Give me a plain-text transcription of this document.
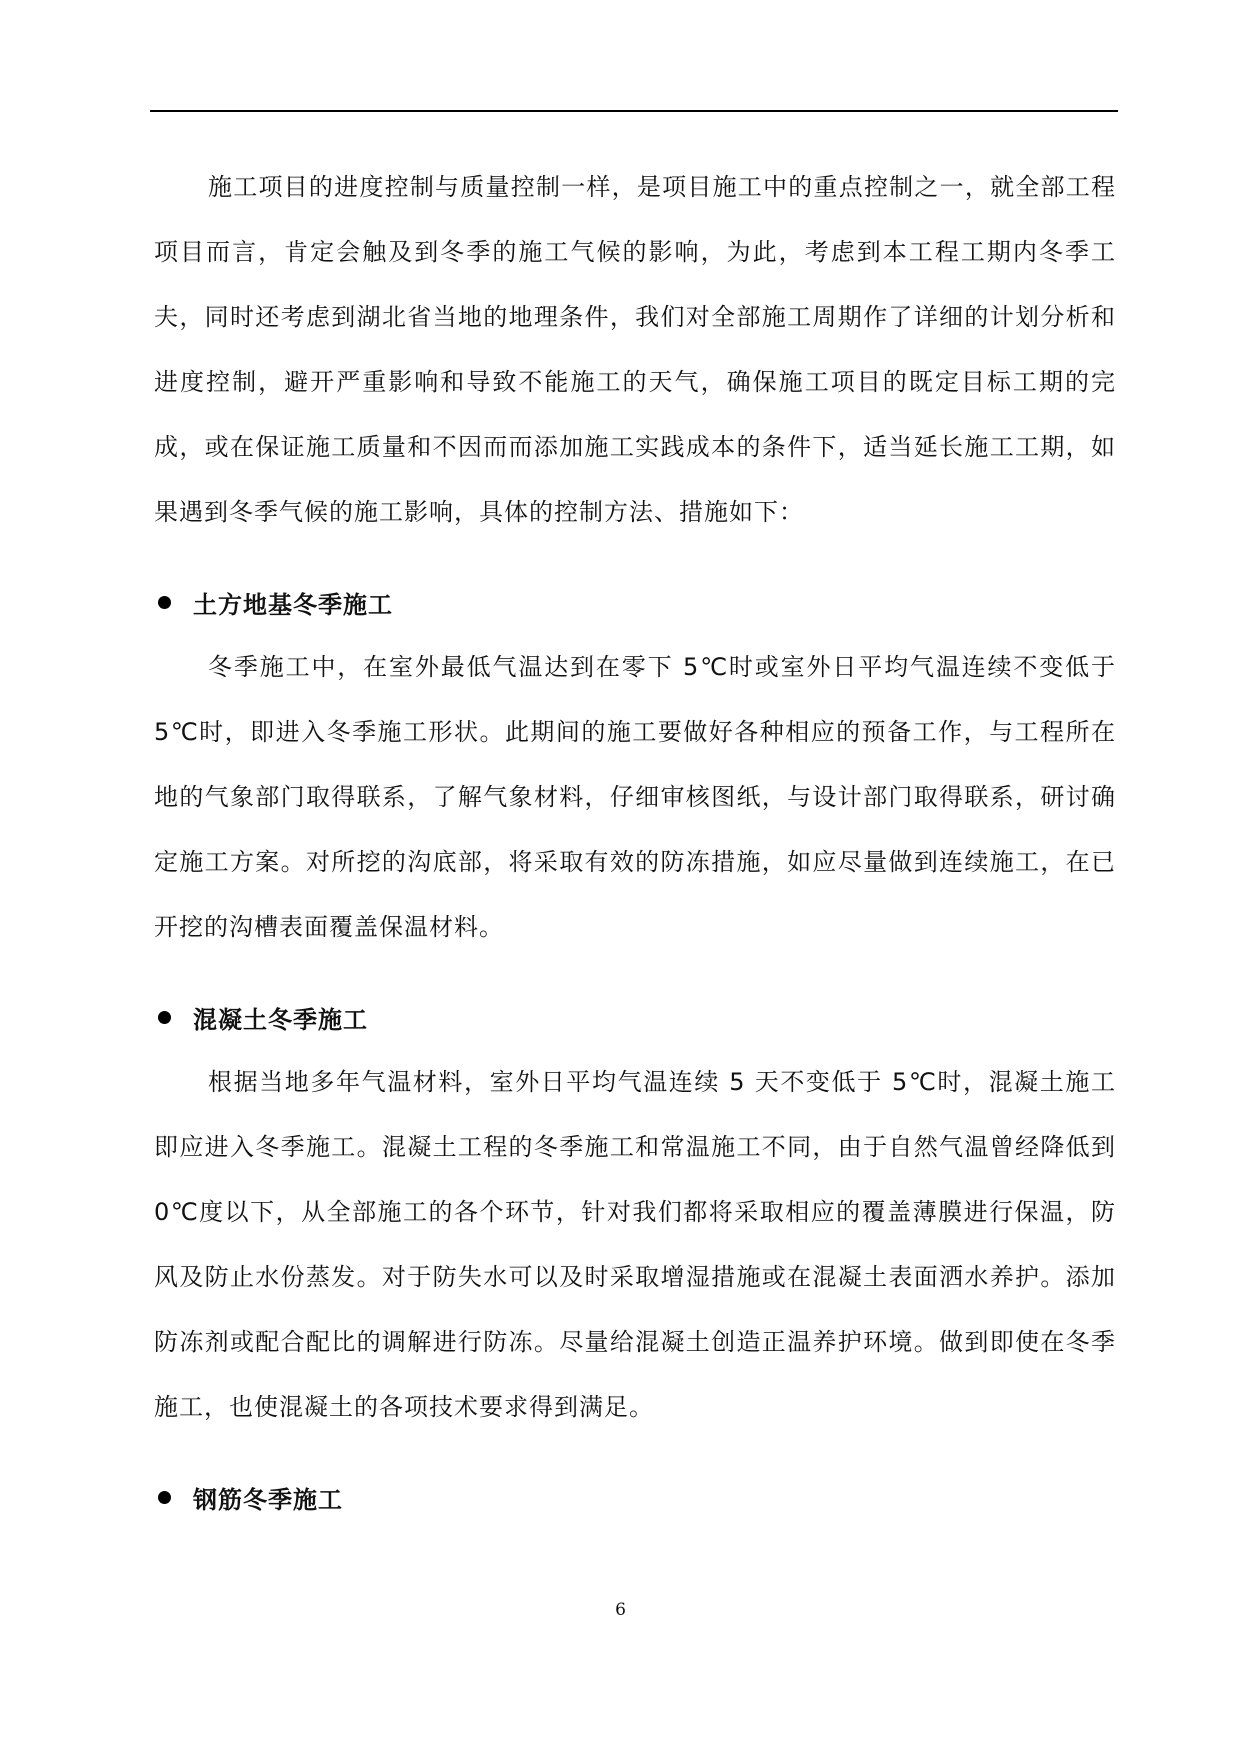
施工项目的进度控制与质量控制一样，是项目施工中的重点控制之一，就全部工程项目而言，肯定会触及到冬季的施工气候的影响，为此，考虑到本工程工期内冬季工夫，同时还考虑到湖北省当地的地理条件，我们对全部施工周期作了详细的计划分析和进度控制，避开严重影响和导致不能施工的天气，确保施工项目的既定目标工期的完成，或在保证施工质量和不因而而添加施工实践成本的条件下，适当延长施工工期，如果遇到冬季气候的施工影响，具体的控制方法、措施如下：

土方地基冬季施工

冬季施工中，在室外最低气温达到在零下 5℃时或室外日平均气温连续不变低于 5℃时，即进入冬季施工形状。此期间的施工要做好各种相应的预备工作，与工程所在地的气象部门取得联系，了解气象材料，仔细审核图纸，与设计部门取得联系，研讨确定施工方案。对所挖的沟底部，将采取有效的防冻措施，如应尽量做到连续施工，在已开挖的沟槽表面覆盖保温材料。

混凝土冬季施工

根据当地多年气温材料，室外日平均气温连续 5 天不变低于 5℃时，混凝土施工即应进入冬季施工。混凝土工程的冬季施工和常温施工不同，由于自然气温曾经降低到 0℃度以下，从全部施工的各个环节，针对我们都将采取相应的覆盖薄膜进行保温，防风及防止水份蒸发。对于防失水可以及时采取增湿措施或在混凝土表面洒水养护。添加防冻剂或配合配比的调解进行防冻。尽量给混凝土创造正温养护环境。做到即使在冬季施工，也使混凝土的各项技术要求得到满足。

钢筋冬季施工
6
